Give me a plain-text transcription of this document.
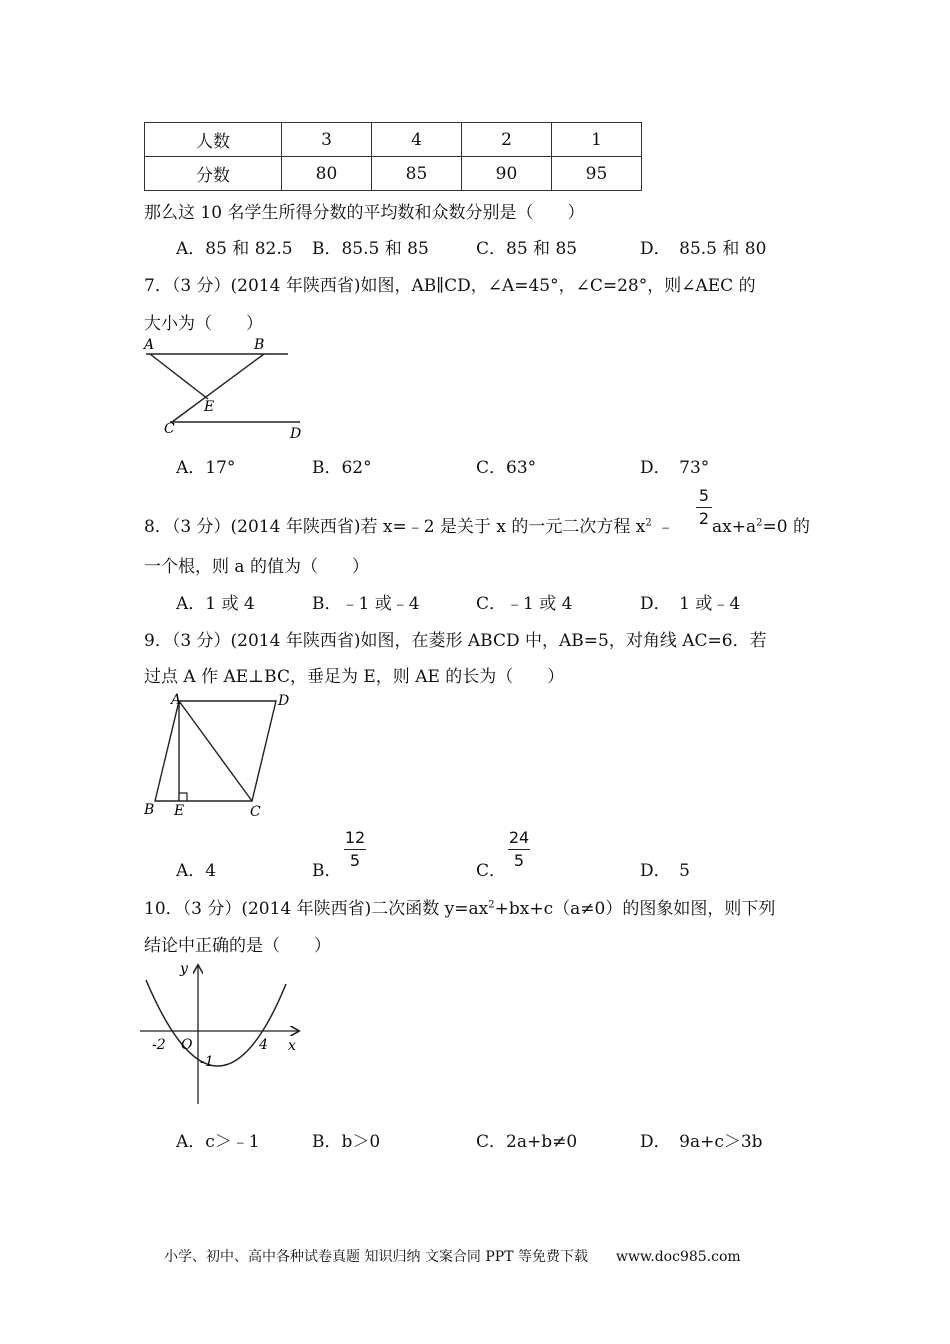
人数	3	4	2	1
分数	80	85	90	95
那么这 10 名学生所得分数的平均数和众数分别是（　　）
A．85 和 82.5 B．85.5 和 85	C．85 和 85	D．　85.5 和 80
7．（3 分）(2014 年陕西省)如图，AB∥CD，∠A=45°，∠C=28°，则∠AEC 的
大小为（　　）
A	B
E
C	D
A．17°	B．62°	C．63°	D．　73°
8．（3 分）(2014 年陕西省)若 x=﹣2 是关于 x 的一元二次方程 $x^2$ ﹣
5
2 $ax+a^2=0$ 的
一个根，则 a 的值为（　　）
A．1 或 4	B．﹣1 或﹣4	C．﹣1 或 4	D．　1 或﹣4
9．（3 分）(2014 年陕西省)如图，在菱形 ABCD 中，AB=5，对角线 AC=6．若
过点 A 作 AE⊥BC，垂足为 E，则 AE 的长为（　　）
A	D
B E	C
A．4	B．
12
5
C．
24
5
D．　5
10．（3 分）(2014 年陕西省)二次函数 $y=ax^2+bx+c(a\ne 0)$的图象如图，则下列
结论中正确的是（　　）
y
x
O
-2	4
-1
A．c＞﹣1	B．b＞0	C．2a+b≠0	D．　9a+c＞3b
小学、初中、高中各种试卷真题 知识归纳 文案合同 PPT 等免费下载　　www.doc985.com
